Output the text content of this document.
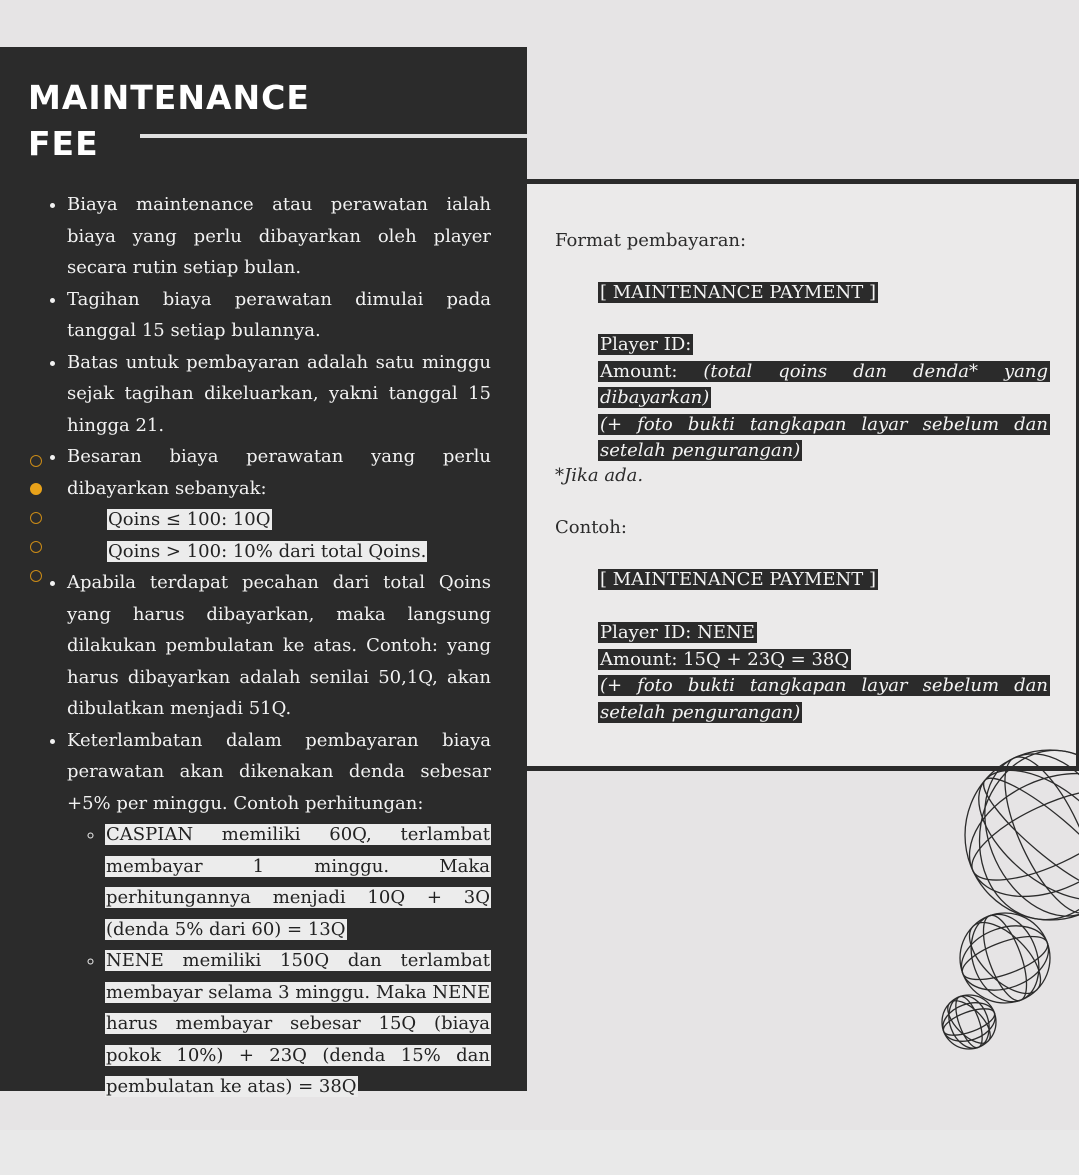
MAINTENANCE
FEE
• Biaya maintenance atau perawatan ialah biaya yang perlu dibayarkan oleh player secara rutin setiap bulan.
• Tagihan biaya perawatan dimulai pada tanggal 15 setiap bulannya.
• Batas untuk pembayaran adalah satu minggu sejak tagihan dikeluarkan, yakni tanggal 15 hingga 21.
• Besaran biaya perawatan yang perlu dibayarkan sebanyak:
Qoins ≤ 100: 10Q
Qoins > 100: 10% dari total Qoins.
• Apabila terdapat pecahan dari total Qoins yang harus dibayarkan, maka langsung dilakukan pembulatan ke atas. Contoh: yang harus dibayarkan adalah senilai 50,1Q, akan dibulatkan menjadi 51Q.
• Keterlambatan dalam pembayaran biaya perawatan akan dikenakan denda sebesar +5% per minggu. Contoh perhitungan:
◦ CASPIAN memiliki 60Q, terlambat membayar 1 minggu. Maka perhitungannya menjadi 10Q + 3Q (denda 5% dari 60) = 13Q
◦ NENE memiliki 150Q dan terlambat membayar selama 3 minggu. Maka NENE harus membayar sebesar 15Q (biaya pokok 10%) + 23Q (denda 15% dan pembulatan ke atas) = 38Q
Format pembayaran:
[ MAINTENANCE PAYMENT ]
Player ID:
Amount: (total qoins dan denda* yang dibayarkan)
(+ foto bukti tangkapan layar sebelum dan setelah pengurangan)
*Jika ada.
Contoh:
[ MAINTENANCE PAYMENT ]
Player ID: NENE
Amount: 15Q + 23Q = 38Q
(+ foto bukti tangkapan layar sebelum dan setelah pengurangan)
